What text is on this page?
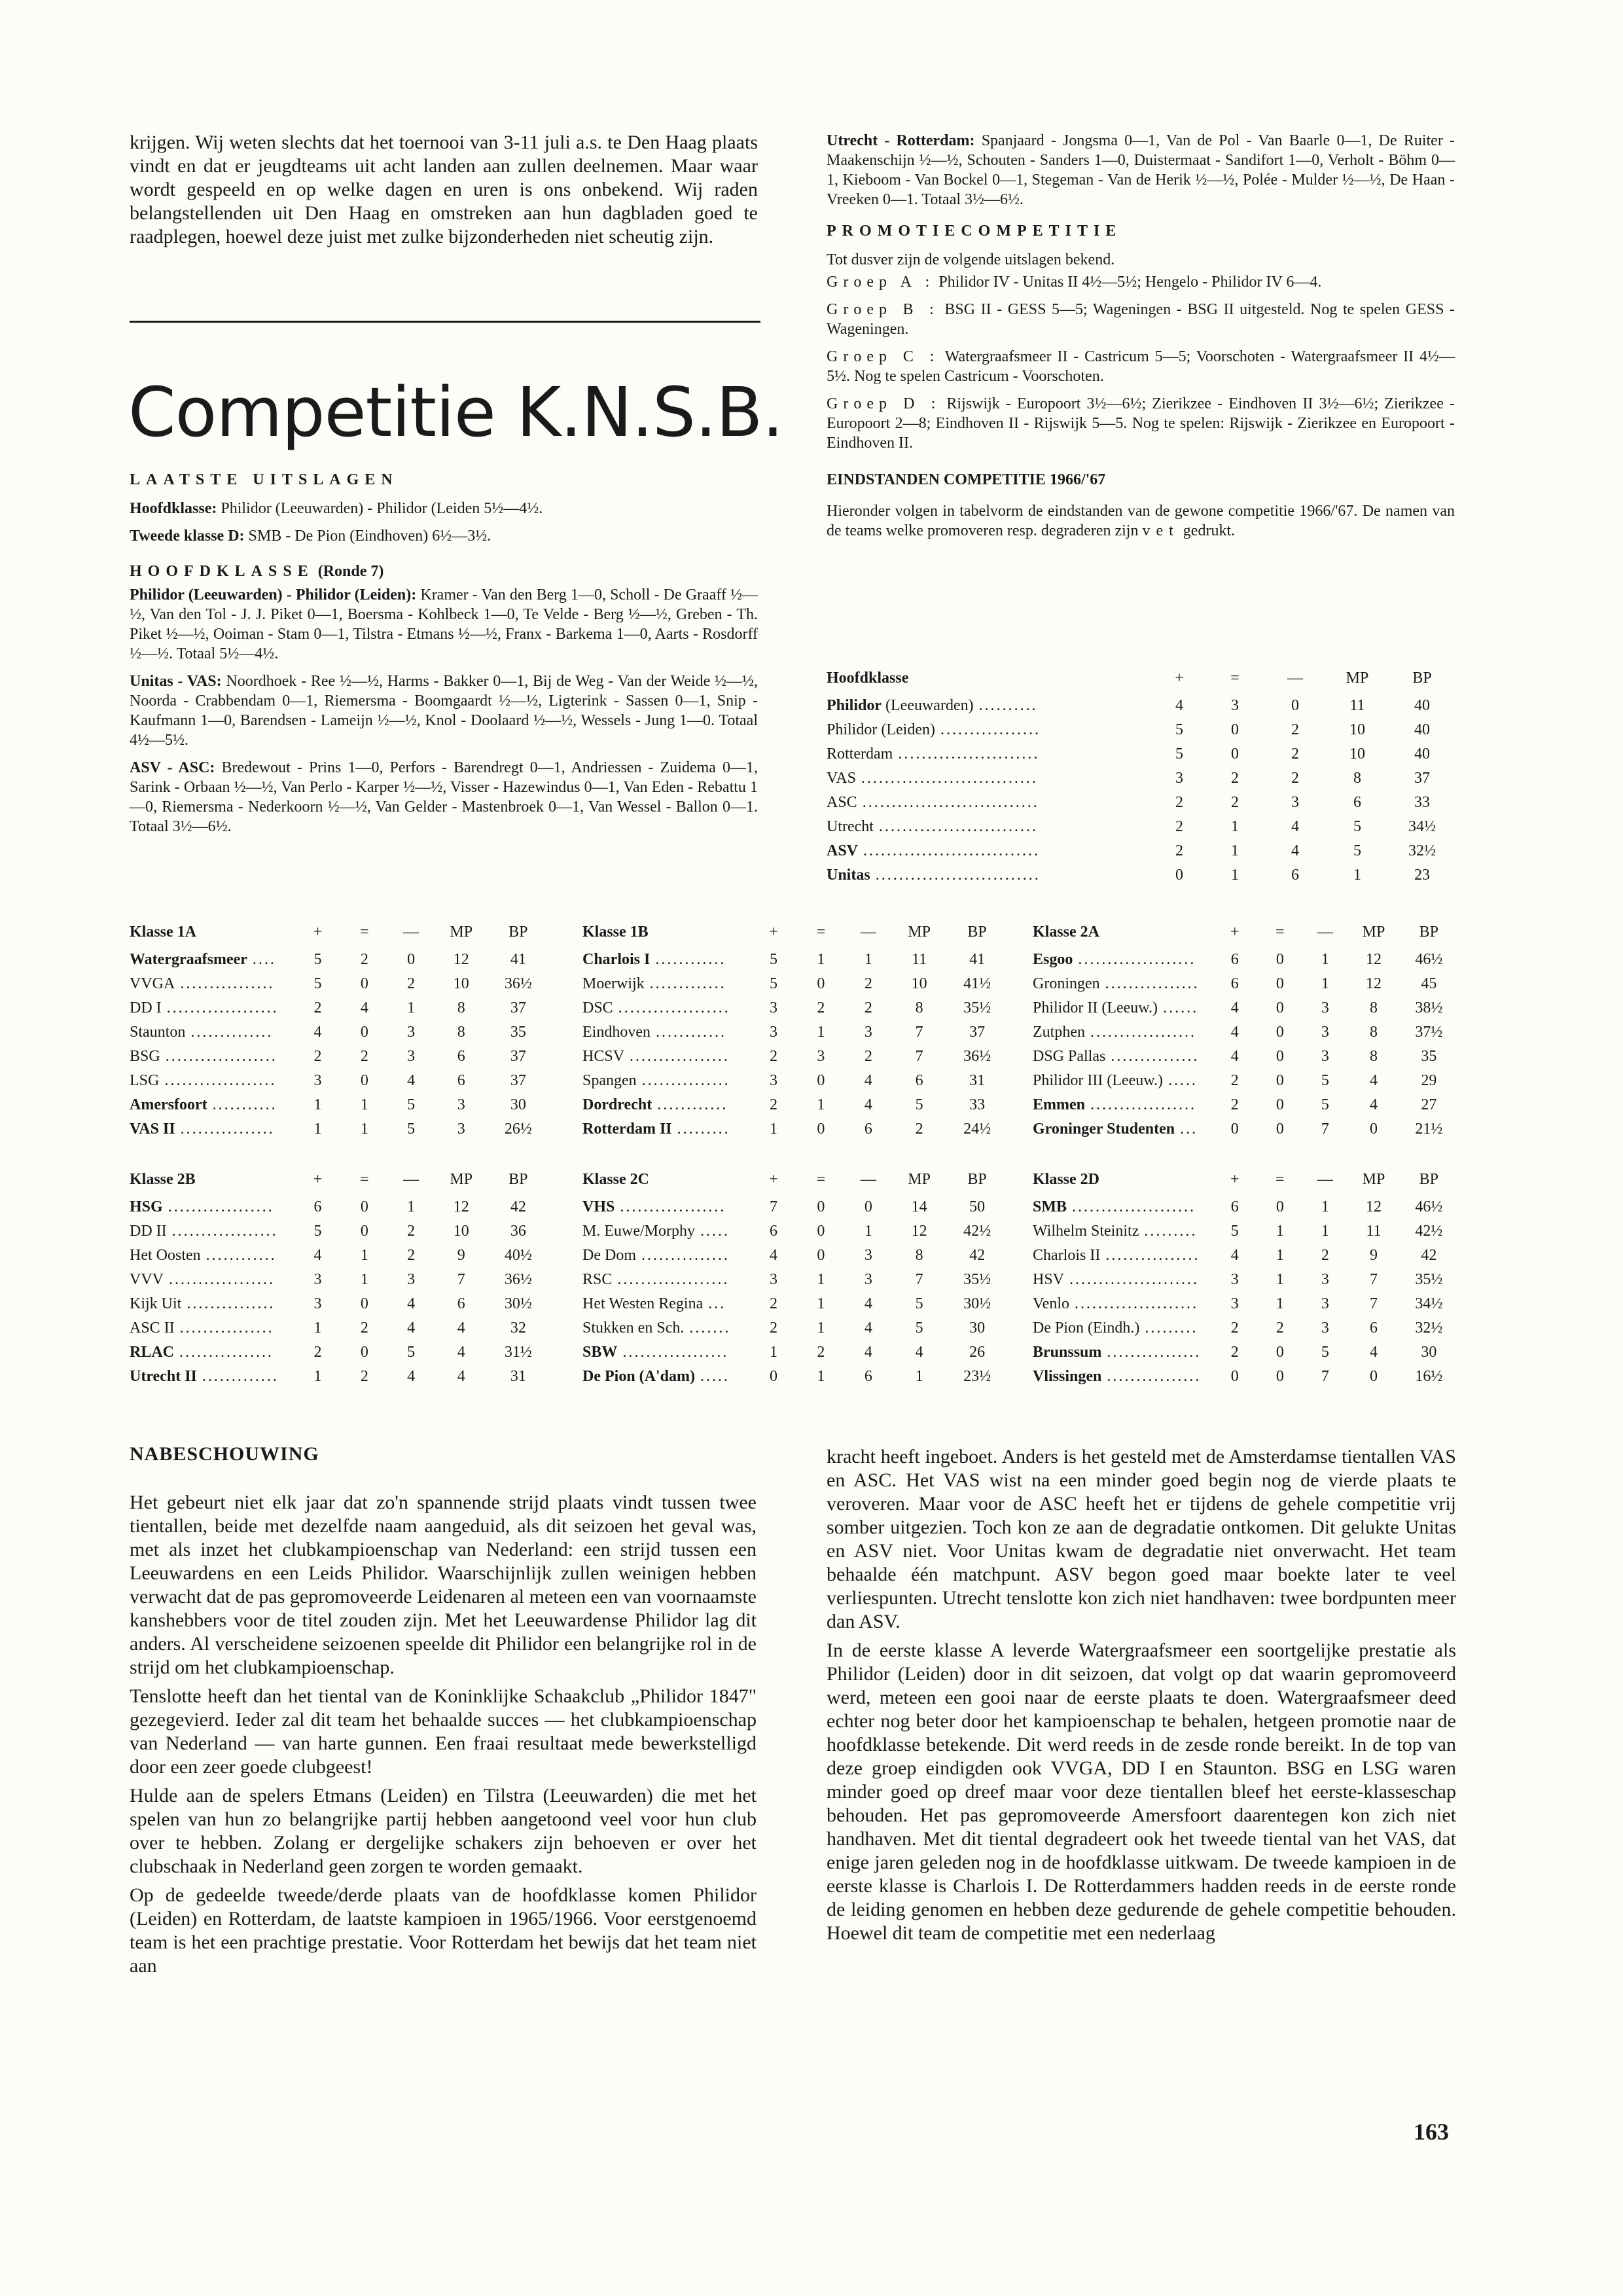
krijgen. Wij weten slechts dat het toernooi van 3-11 juli a.s. te Den Haag plaats vindt en dat er jeugdteams uit acht landen aan zullen deelnemen. Maar waar wordt gespeeld en op welke dagen en uren is ons onbekend. Wij raden belangstellenden uit Den Haag en omstreken aan hun dagbladen goed te raadplegen, hoewel deze juist met zulke bijzonderheden niet scheutig zijn.
Competitie K.N.S.B.

LAATSTE UITSLAGEN

Hoofdklasse: Philidor (Leeuwarden) - Philidor (Leiden 5½—4½.

Tweede klasse D: SMB - De Pion (Eindhoven) 6½—3½.

HOOFDKLASSE (Ronde 7)

Philidor (Leeuwarden) - Philidor (Leiden): Kramer - Van den Berg 1—0, Scholl - De Graaff ½—½, Van den Tol - J. J. Piket 0—1, Boersma - Kohlbeck 1—0, Te Velde - Berg ½—½, Greben - Th. Piket ½—½, Ooiman - Stam 0—1, Tilstra - Etmans ½—½, Franx - Barkema 1—0, Aarts - Rosdorff ½—½. Totaal 5½—4½.

Unitas - VAS: Noordhoek - Ree ½—½, Harms - Bakker 0—1, Bij de Weg - Van der Weide ½—½, Noorda - Crabbendam 0—1, Riemersma - Boomgaardt ½—½, Ligterink - Sassen 0—1, Snip - Kaufmann 1—0, Barendsen - Lameijn ½—½, Knol - Doolaard ½—½, Wessels - Jung 1—0. Totaal 4½—5½.

ASV - ASC: Bredewout - Prins 1—0, Perfors - Barendregt 0—1, Andriessen - Zuidema 0—1, Sarink - Orbaan ½—½, Van Perlo - Karper ½—½, Visser - Hazewindus 0—1, Van Eden - Rebattu 1—0, Riemersma - Nederkoorn ½—½, Van Gelder - Mastenbroek 0—1, Van Wessel - Ballon 0—1. Totaal 3½—6½.

Utrecht - Rotterdam: Spanjaard - Jongsma 0—1, Van de Pol - Van Baarle 0—1, De Ruiter - Maakenschijn ½—½, Schouten - Sanders 1—0, Duistermaat - Sandifort 1—0, Verholt - Böhm 0—1, Kieboom - Van Bockel 0—1, Stegeman - Van de Herik ½—½, Polée - Mulder ½—½, De Haan - Vreeken 0—1. Totaal 3½—6½.

PROMOTIECOMPETITIE

Tot dusver zijn de volgende uitslagen bekend.

Groep A : Philidor IV - Unitas II 4½—5½; Hengelo - Philidor IV 6—4.

Groep B : BSG II - GESS 5—5; Wageningen - BSG II uitgesteld. Nog te spelen GESS - Wageningen.

Groep C : Watergraafsmeer II - Castricum 5—5; Voorschoten - Watergraafsmeer II 4½—5½. Nog te spelen Castricum - Voorschoten.

Groep D : Rijswijk - Europoort 3½—6½; Zierikzee - Eindhoven II 3½—6½; Zierikzee - Europoort 2—8; Eindhoven II - Rijswijk 5—5. Nog te spelen: Rijswijk - Zierikzee en Europoort - Eindhoven II.

EINDSTANDEN COMPETITIE 1966/'67

Hieronder volgen in tabelvorm de eindstanden van de gewone competitie 1966/'67. De namen van de teams welke promoveren resp. degraderen zijn vet gedrukt.

Hoofdklasse	+	=	—	MP	BP
Philidor (Leeuwarden) ..........	4	3	0	11	40
Philidor (Leiden) .................	5	0	2	10	40
Rotterdam ........................	5	0	2	10	40
VAS ..............................	3	2	2	8	37
ASC ..............................	2	2	3	6	33
Utrecht ...........................	2	1	4	5	34½
ASV ..............................	2	1	4	5	32½
Unitas ............................	0	1	6	1	23
Klasse 1A	+	=	—	MP	BP
Watergraafsmeer ....	5	2	0	12	41
VVGA ................	5	0	2	10	36½
DD I ...................	2	4	1	8	37
Staunton ..............	4	0	3	8	35
BSG ...................	2	2	3	6	37
LSG ...................	3	0	4	6	37
Amersfoort ...........	1	1	5	3	30
VAS II ................	1	1	5	3	26½
Klasse 1B	+	=	—	MP	BP
Charlois I ............	5	1	1	11	41
Moerwijk .............	5	0	2	10	41½
DSC ...................	3	2	2	8	35½
Eindhoven ............	3	1	3	7	37
HCSV .................	2	3	2	7	36½
Spangen ...............	3	0	4	6	31
Dordrecht ............	2	1	4	5	33
Rotterdam II .........	1	0	6	2	24½
Klasse 2A	+	=	—	MP	BP
Esgoo ....................	6	0	1	12	46½
Groningen ................	6	0	1	12	45
Philidor II (Leeuw.) ......	4	0	3	8	38½
Zutphen ..................	4	0	3	8	37½
DSG Pallas ...............	4	0	3	8	35
Philidor III (Leeuw.) .....	2	0	5	4	29
Emmen ..................	2	0	5	4	27
Groninger Studenten ...	0	0	7	0	21½
Klasse 2B	+	=	—	MP	BP
HSG ..................	6	0	1	12	42
DD II ..................	5	0	2	10	36
Het Oosten ............	4	1	2	9	40½
VVV ..................	3	1	3	7	36½
Kijk Uit ...............	3	0	4	6	30½
ASC II ................	1	2	4	4	32
RLAC ................	2	0	5	4	31½
Utrecht II .............	1	2	4	4	31
Klasse 2C	+	=	—	MP	BP
VHS ..................	7	0	0	14	50
M. Euwe/Morphy .....	6	0	1	12	42½
De Dom ...............	4	0	3	8	42
RSC ...................	3	1	3	7	35½
Het Westen Regina ...	2	1	4	5	30½
Stukken en Sch. .......	2	1	4	5	30
SBW ..................	1	2	4	4	26
De Pion (A'dam) .....	0	1	6	1	23½
Klasse 2D	+	=	—	MP	BP
SMB .....................	6	0	1	12	46½
Wilhelm Steinitz .........	5	1	1	11	42½
Charlois II ................	4	1	2	9	42
HSV ......................	3	1	3	7	35½
Venlo .....................	3	1	3	7	34½
De Pion (Eindh.) .........	2	2	3	6	32½
Brunssum ................	2	0	5	4	30
Vlissingen ................	0	0	7	0	16½
NABESCHOUWING

Het gebeurt niet elk jaar dat zo'n spannende strijd plaats vindt tussen twee tientallen, beide met dezelfde naam aangeduid, als dit seizoen het geval was, met als inzet het clubkampioenschap van Nederland: een strijd tussen een Leeuwardens en een Leids Philidor. Waarschijnlijk zullen weinigen hebben verwacht dat de pas gepromoveerde Leidenaren al meteen een van voornaamste kanshebbers voor de titel zouden zijn. Met het Leeuwardense Philidor lag dit anders. Al verscheidene seizoenen speelde dit Philidor een belangrijke rol in de strijd om het clubkampioenschap.

Tenslotte heeft dan het tiental van de Koninklijke Schaakclub „Philidor 1847" gezegevierd. Ieder zal dit team het behaalde succes — het clubkampioenschap van Nederland — van harte gunnen. Een fraai resultaat mede bewerkstelligd door een zeer goede clubgeest!

Hulde aan de spelers Etmans (Leiden) en Tilstra (Leeuwarden) die met het spelen van hun zo belangrijke partij hebben aangetoond veel voor hun club over te hebben. Zolang er dergelijke schakers zijn behoeven er over het clubschaak in Nederland geen zorgen te worden gemaakt.

Op de gedeelde tweede/derde plaats van de hoofdklasse komen Philidor (Leiden) en Rotterdam, de laatste kampioen in 1965/1966. Voor eerstgenoemd team is het een prachtige prestatie. Voor Rotterdam het bewijs dat het team niet aan

kracht heeft ingeboet. Anders is het gesteld met de Amsterdamse tientallen VAS en ASC. Het VAS wist na een minder goed begin nog de vierde plaats te veroveren. Maar voor de ASC heeft het er tijdens de gehele competitie vrij somber uitgezien. Toch kon ze aan de degradatie ontkomen. Dit gelukte Unitas en ASV niet. Voor Unitas kwam de degradatie niet onverwacht. Het team behaalde één matchpunt. ASV begon goed maar boekte later te veel verliespunten. Utrecht tenslotte kon zich niet handhaven: twee bordpunten meer dan ASV.

In de eerste klasse A leverde Watergraafsmeer een soortgelijke prestatie als Philidor (Leiden) door in dit seizoen, dat volgt op dat waarin gepromoveerd werd, meteen een gooi naar de eerste plaats te doen. Watergraafsmeer deed echter nog beter door het kampioenschap te behalen, hetgeen promotie naar de hoofdklasse betekende. Dit werd reeds in de zesde ronde bereikt. In de top van deze groep eindigden ook VVGA, DD I en Staunton. BSG en LSG waren minder goed op dreef maar voor deze tientallen bleef het eerste-klasseschap behouden. Het pas gepromoveerde Amersfoort daarentegen kon zich niet handhaven. Met dit tiental degradeert ook het tweede tiental van het VAS, dat enige jaren geleden nog in de hoofdklasse uitkwam. De tweede kampioen in de eerste klasse is Charlois I. De Rotterdammers hadden reeds in de eerste ronde de leiding genomen en hebben deze gedurende de gehele competitie behouden. Hoewel dit team de competitie met een nederlaag

163
